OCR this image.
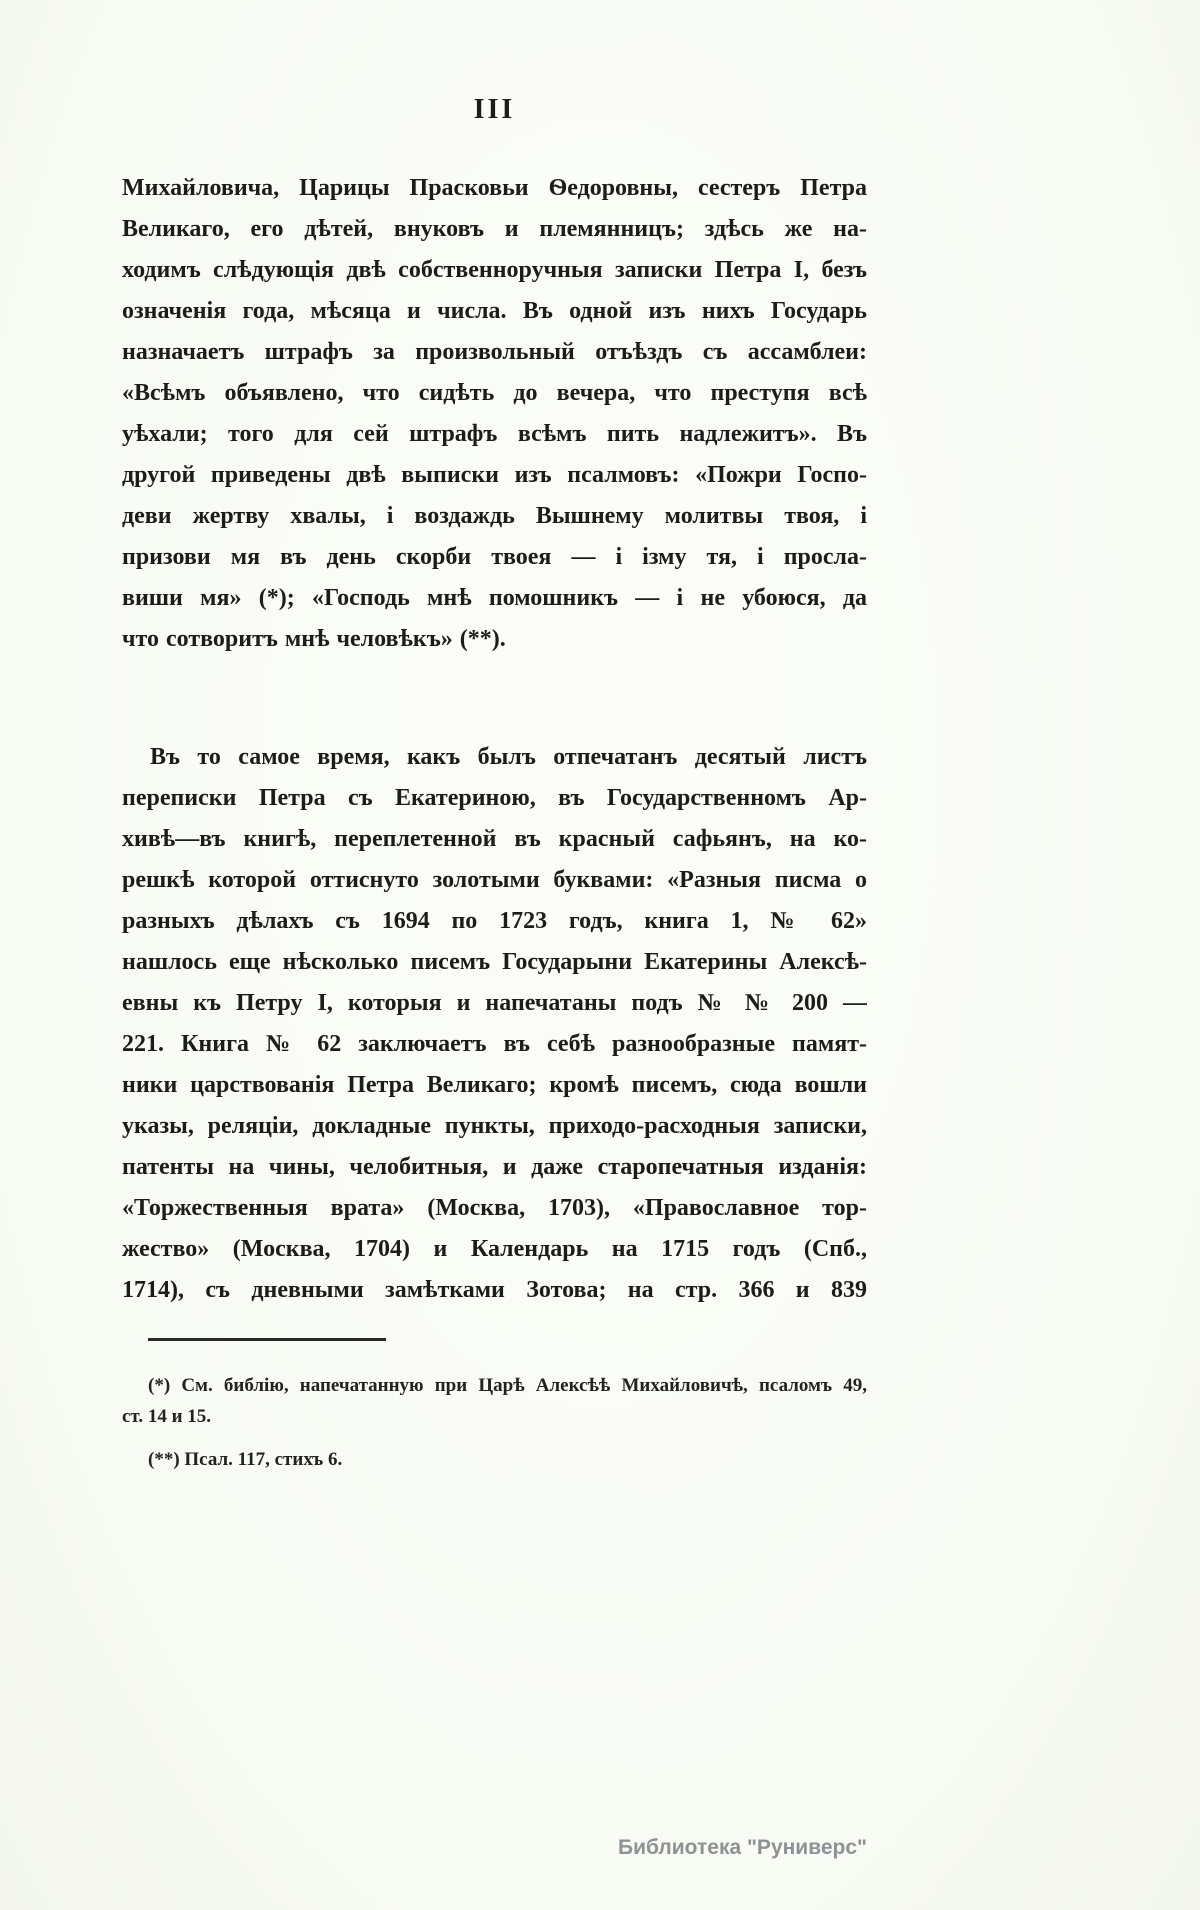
III
Михайловича, Царицы Прасковьи Ѳедоровны, сестеръ Петра
Великаго, его дѣтей, внуковъ и племянницъ; здѣсь же на-
ходимъ слѣдующія двѣ собственноручныя записки Петра I, безъ
означенія года, мѣсяца и числа. Въ одной изъ нихъ Государь
назначаетъ штрафъ за произвольный отъѣздъ съ ассамблеи:
«Всѣмъ объявлено, что сидѣть до вечера, что преступя всѣ
уѣхали; того для сей штрафъ всѣмъ пить надлежитъ». Въ
другой приведены двѣ выписки изъ псалмовъ: «Пожри Госпо-
деви жертву хвалы, і воздаждь Вышнему молитвы твоя, і
призови мя въ день скорби твоея — і ізму тя, і просла-
виши мя» (*); «Господь мнѣ помошникъ — і не убоюся, да
что сотворитъ мнѣ человѣкъ» (**).
Въ то самое время, какъ былъ отпечатанъ десятый листъ
переписки Петра съ Екатериною, въ Государственномъ Ар-
хивѣ—въ книгѣ, переплетенной въ красный сафьянъ, на ко-
решкѣ которой оттиснуто золотыми буквами: «Разныя писма о
разныхъ дѣлахъ съ 1694 по 1723 годъ, книга 1, № 62»
нашлось еще нѣсколько писемъ Государыни Екатерины Алексѣ-
евны къ Петру I, которыя и напечатаны подъ № № 200 —
221. Книга № 62 заключаетъ въ себѣ разнообразные памят-
ники царствованія Петра Великаго; кромѣ писемъ, сюда вошли
указы, реляціи, докладные пункты, приходо-расходныя записки,
патенты на чины, челобитныя, и даже старопечатныя изданія:
«Торжественныя врата» (Москва, 1703), «Православное тор-
жество» (Москва, 1704) и Календарь на 1715 годъ (Спб.,
1714), съ дневными замѣтками Зотова; на стр. 366 и 839
(*) См. библію, напечатанную при Царѣ Алексѣѣ Михайловичѣ, псаломъ 49,
ст. 14 и 15.
(**) Псал. 117, стихъ 6.
Библиотека "Руниверс"
